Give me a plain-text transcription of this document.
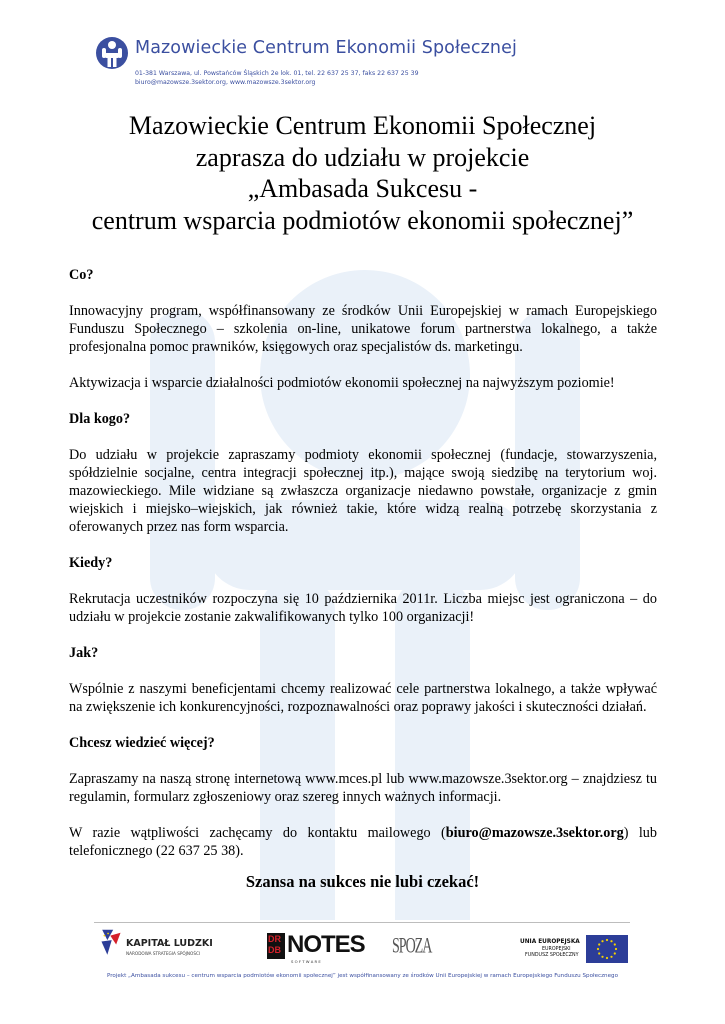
Mazowieckie Centrum Ekonomii Społecznej
01-381 Warszawa, ul. Powstańców Śląskich 2e lok. 01, tel. 22 637 25 37, faks 22 637 25 39
biuro@mazowsze.3sektor.org, www.mazowsze.3sektor.org
Mazowieckie Centrum Ekonomii Społecznej
zaprasza do udziału w projekcie
„Ambasada Sukcesu -
centrum wsparcia podmiotów ekonomii społecznej”

Co?

Innowacyjny program, współfinansowany ze środków Unii Europejskiej w ramach Europejskiego Funduszu Społecznego – szkolenia on-line, unikatowe forum partnerstwa lokalnego, a także profesjonalna pomoc prawników, księgowych oraz specjalistów ds. marketingu.

Aktywizacja i wsparcie działalności podmiotów ekonomii społecznej na najwyższym poziomie!

Dla kogo?

Do udziału w projekcie zapraszamy podmioty ekonomii społecznej (fundacje, stowarzyszenia, spółdzielnie socjalne, centra integracji społecznej itp.), mające swoją siedzibę na terytorium woj. mazowieckiego. Mile widziane są zwłaszcza organizacje niedawno powstałe, organizacje z gmin wiejskich i miejsko–wiejskich, jak również takie, które widzą realną potrzebę skorzystania z oferowanych przez nas form wsparcia.

Kiedy?

Rekrutacja uczestników rozpoczyna się 10 października 2011r. Liczba miejsc jest ograniczona – do udziału w projekcie zostanie zakwalifikowanych tylko 100 organizacji!

Jak?

Wspólnie z naszymi beneficjentami chcemy realizować cele partnerstwa lokalnego, a także wpływać na zwiększenie ich konkurencyjności, rozpoznawalności oraz poprawy jakości i skuteczności działań.

Chcesz wiedzieć więcej?

Zapraszamy na naszą stronę internetową www.mces.pl lub www.mazowsze.3sektor.org – znajdziesz tu regulamin, formularz zgłoszeniowy oraz szereg innych ważnych informacji.

W razie wątpliwości zachęcamy do kontaktu mailowego (biuro@mazowsze.3sektor.org) lub telefonicznego (22 637 25 38).

Szansa na sukces nie lubi czekać!
KAPITAŁ LUDZKI
NARODOWA STRATEGIA SPÓJNOŚCI
DR
DB NOTES
S O F T W A R E
SPOZA	UNIA EUROPEJSKA
EUROPEJSKI
FUNDUSZ SPOŁECZNY
Projekt „Ambasada sukcesu – centrum wsparcia podmiotów ekonomii społecznej” jest współfinansowany ze środków Unii Europejskiej w ramach Europejskiego Funduszu Społecznego
